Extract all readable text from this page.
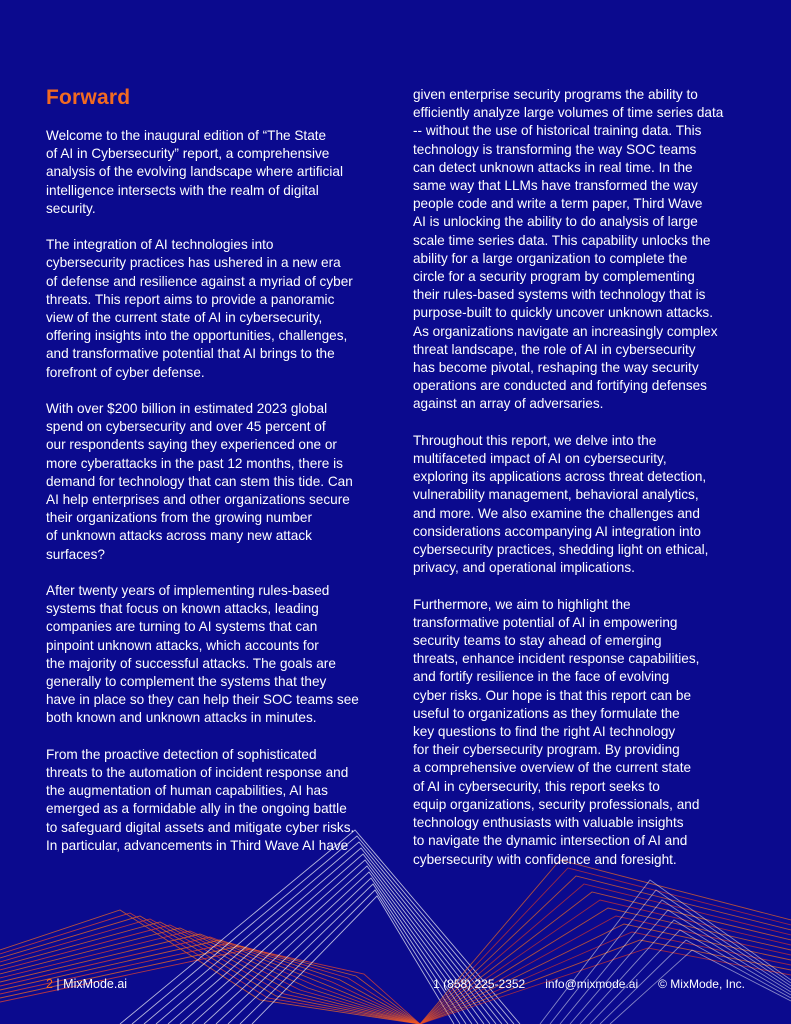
Forward

Welcome to the inaugural edition of “The State
of AI in Cybersecurity” report, a comprehensive
analysis of the evolving landscape where artificial
intelligence intersects with the realm of digital
security.

The integration of AI technologies into
cybersecurity practices has ushered in a new era
of defense and resilience against a myriad of cyber
threats. This report aims to provide a panoramic
view of the current state of AI in cybersecurity,
offering insights into the opportunities, challenges,
and transformative potential that AI brings to the
forefront of cyber defense.

With over $200 billion in estimated 2023 global
spend on cybersecurity and over 45 percent of
our respondents saying they experienced one or
more cyberattacks in the past 12 months, there is
demand for technology that can stem this tide. Can
AI help enterprises and other organizations secure
their organizations from the growing number
of unknown attacks across many new attack
surfaces?

After twenty years of implementing rules-based
systems that focus on known attacks, leading
companies are turning to AI systems that can
pinpoint unknown attacks, which accounts for
the majority of successful attacks. The goals are
generally to complement the systems that they
have in place so they can help their SOC teams see
both known and unknown attacks in minutes.

From the proactive detection of sophisticated
threats to the automation of incident response and
the augmentation of human capabilities, AI has
emerged as a formidable ally in the ongoing battle
to safeguard digital assets and mitigate cyber risks.
In particular, advancements in Third Wave AI have

given enterprise security programs the ability to
efficiently analyze large volumes of time series data
-- without the use of historical training data. This
technology is transforming the way SOC teams
can detect unknown attacks in real time. In the
same way that LLMs have transformed the way
people code and write a term paper, Third Wave
AI is unlocking the ability to do analysis of large
scale time series data. This capability unlocks the
ability for a large organization to complete the
circle for a security program by complementing
their rules-based systems with technology that is
purpose-built to quickly uncover unknown attacks.
As organizations navigate an increasingly complex
threat landscape, the role of AI in cybersecurity
has become pivotal, reshaping the way security
operations are conducted and fortifying defenses
against an array of adversaries.

Throughout this report, we delve into the
multifaceted impact of AI on cybersecurity,
exploring its applications across threat detection,
vulnerability management, behavioral analytics,
and more. We also examine the challenges and
considerations accompanying AI integration into
cybersecurity practices, shedding light on ethical,
privacy, and operational implications.

Furthermore, we aim to highlight the
transformative potential of AI in empowering
security teams to stay ahead of emerging
threats, enhance incident response capabilities,
and fortify resilience in the face of evolving
cyber risks. Our hope is that this report can be
useful to organizations as they formulate the
key questions to find the right AI technology
for their cybersecurity program. By providing
a comprehensive overview of the current state
of AI in cybersecurity, this report seeks to
equip organizations, security professionals, and
technology enthusiasts with valuable insights
to navigate the dynamic intersection of AI and
cybersecurity with confidence and foresight.

2 | MixMode.ai	1 (858) 225-2352 info@mixmode.ai © MixMode, Inc.
